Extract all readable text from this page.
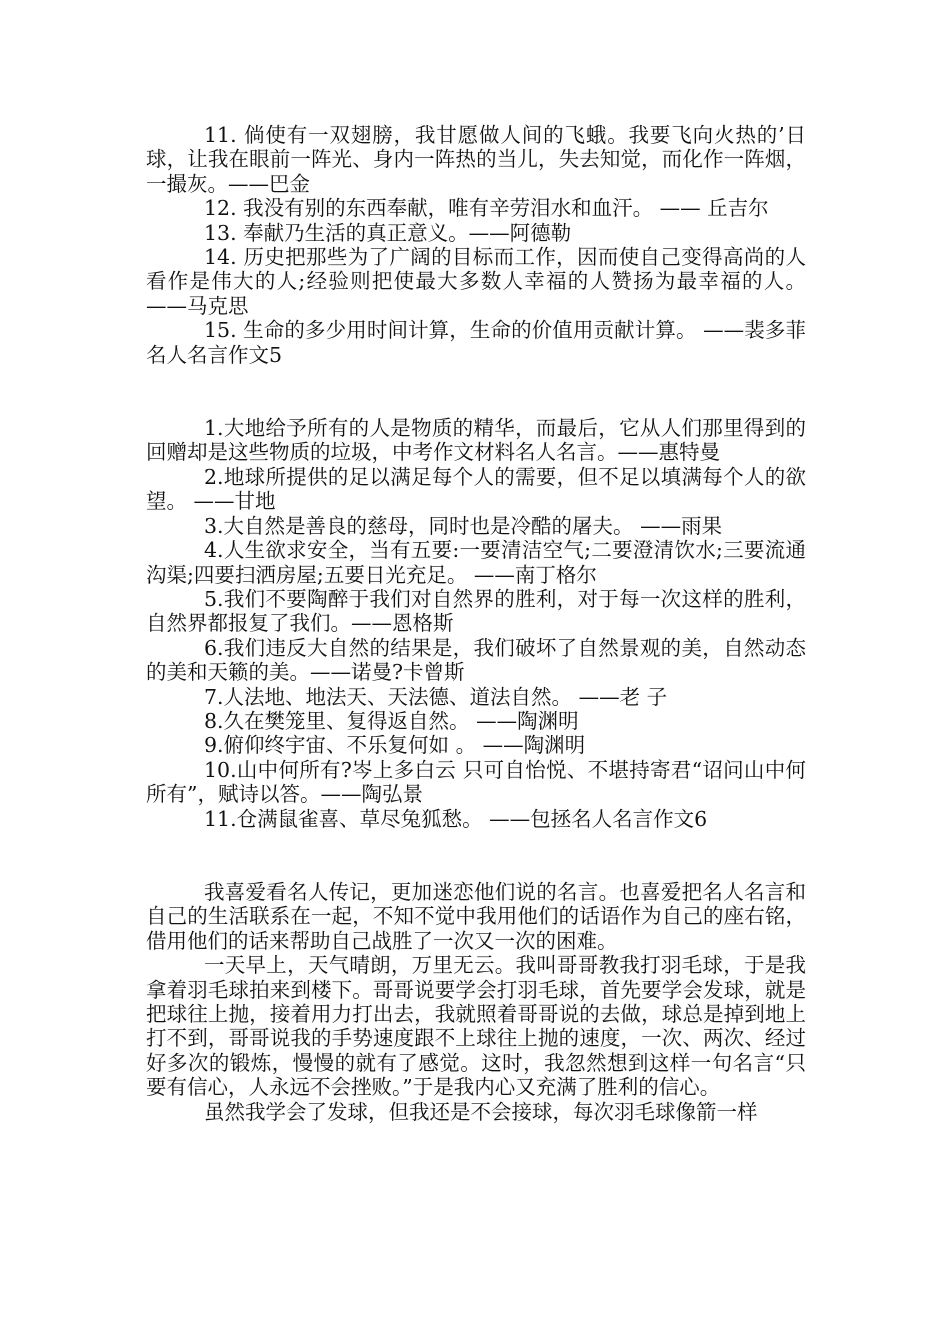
11. 倘使有一双翅膀，我甘愿做人间的飞蛾。我要飞向火热的’日球，让我在眼前一阵光、身内一阵热的当儿，失去知觉，而化作一阵烟，一撮灰。——巴金

12. 我没有别的东西奉献，唯有辛劳泪水和血汗。 —— 丘吉尔

13. 奉献乃生活的真正意义。——阿德勒

14. 历史把那些为了广阔的目标而工作，因而使自己变得高尚的人看作是伟大的人;经验则把使最大多数人幸福的人赞扬为最幸福的人。——马克思

15. 生命的多少用时间计算，生命的价值用贡献计算。 ——裴多菲名人名言作文5

1.大地给予所有的人是物质的精华，而最后，它从人们那里得到的回赠却是这些物质的垃圾，中考作文材料名人名言。——惠特曼

2.地球所提供的足以满足每个人的需要，但不足以填满每个人的欲望。 ——甘地

3.大自然是善良的慈母，同时也是冷酷的屠夫。 ——雨果

4.人生欲求安全，当有五要:一要清洁空气;二要澄清饮水;三要流通沟渠;四要扫洒房屋;五要日光充足。 ——南丁格尔

5.我们不要陶醉于我们对自然界的胜利，对于每一次这样的胜利，自然界都报复了我们。——恩格斯

6.我们违反大自然的结果是，我们破坏了自然景观的美，自然动态的美和天籁的美。——诺曼?卡曾斯

7.人法地、地法天、天法德、道法自然。 ——老 子

8.久在樊笼里、复得返自然。 ——陶渊明

9.俯仰终宇宙、不乐复何如 。 ——陶渊明

10.山中何所有?岑上多白云 只可自怡悦、不堪持寄君“诏问山中何所有”，赋诗以答。——陶弘景

11.仓满鼠雀喜、草尽兔狐愁。 ——包拯名人名言作文6

我喜爱看名人传记，更加迷恋他们说的名言。也喜爱把名人名言和自己的生活联系在一起，不知不觉中我用他们的话语作为自己的座右铭，借用他们的话来帮助自己战胜了一次又一次的困难。

一天早上，天气晴朗，万里无云。我叫哥哥教我打羽毛球，于是我拿着羽毛球拍来到楼下。哥哥说要学会打羽毛球，首先要学会发球，就是把球往上抛，接着用力打出去，我就照着哥哥说的去做，球总是掉到地上打不到，哥哥说我的手势速度跟不上球往上抛的速度，一次、两次、经过好多次的锻炼，慢慢的就有了感觉。这时，我忽然想到这样一句名言“只要有信心，人永远不会挫败。”于是我内心又充满了胜利的信心。

虽然我学会了发球，但我还是不会接球，每次羽毛球像箭一样
